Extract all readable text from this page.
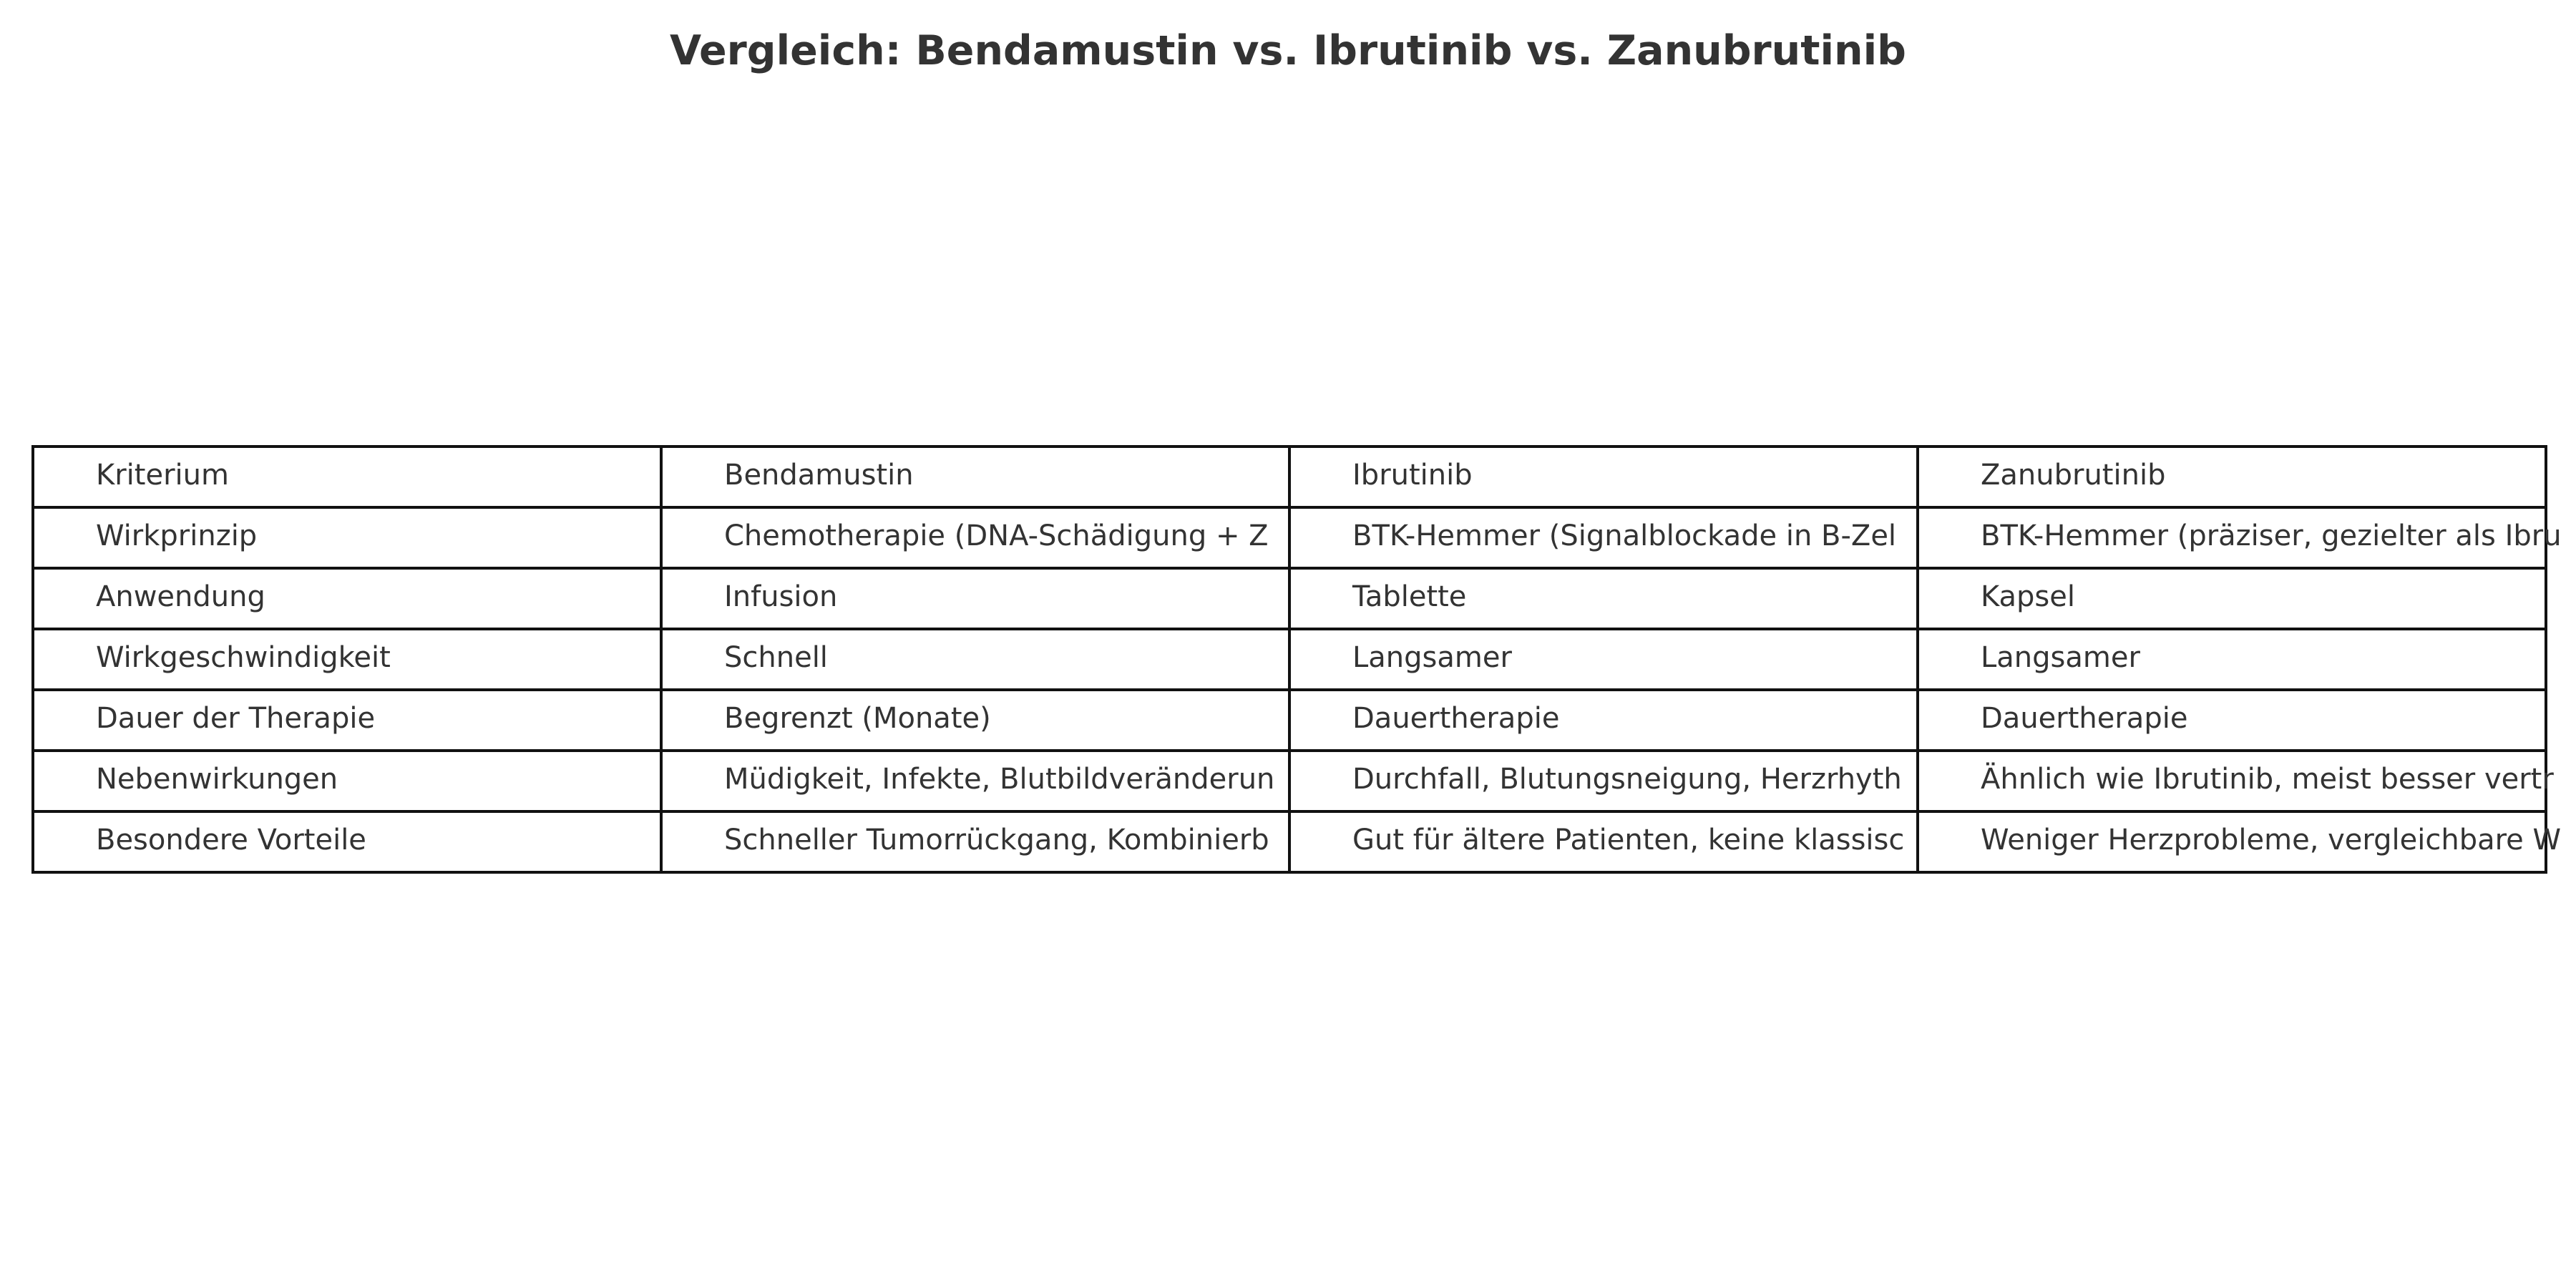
Vergleich: Bendamustin vs. Ibrutinib vs. Zanubrutinib
Kriterium	Bendamustin	Ibrutinib	Zanubrutinib
Wirkprinzip	Chemotherapie (DNA-Schädigung + Z	BTK-Hemmer (Signalblockade in B-Zel	BTK-Hemmer (präziser, gezielter als Ibru
Anwendung	Infusion	Tablette	Kapsel
Wirkgeschwindigkeit	Schnell	Langsamer	Langsamer
Dauer der Therapie	Begrenzt (Monate)	Dauertherapie	Dauertherapie
Nebenwirkungen	Müdigkeit, Infekte, Blutbildveränderun	Durchfall, Blutungsneigung, Herzrhyth	Ähnlich wie Ibrutinib, meist besser vertr
Besondere Vorteile	Schneller Tumorrückgang, Kombinierb	Gut für ältere Patienten, keine klassisc	Weniger Herzprobleme, vergleichbare W
